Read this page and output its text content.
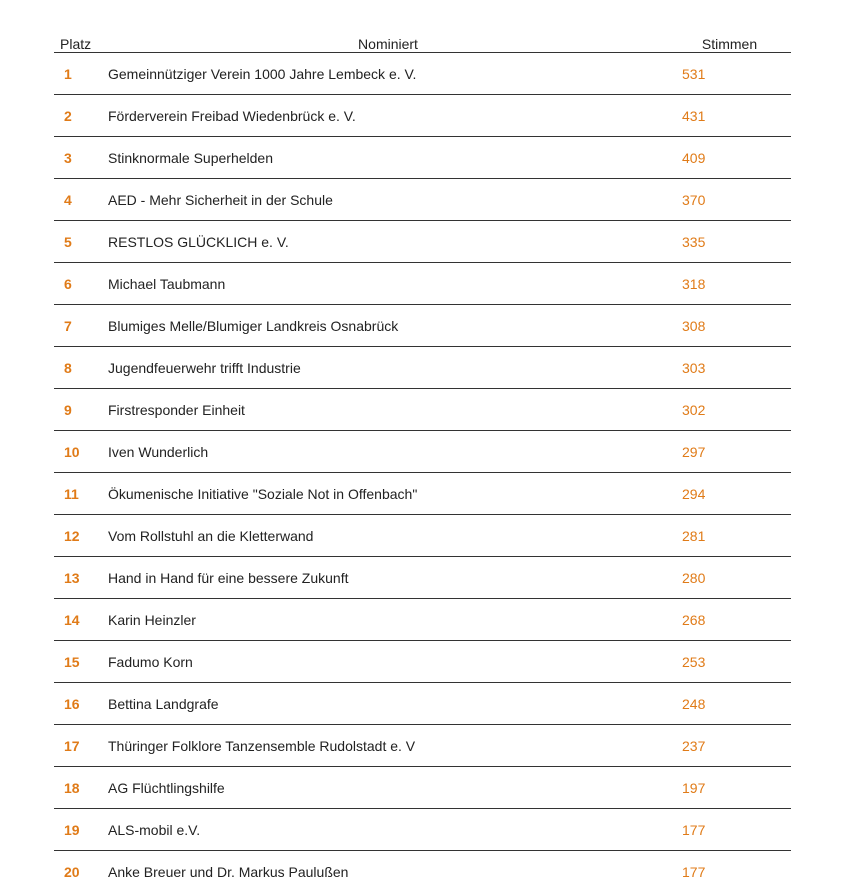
Platz	Nominiert	Stimmen
1	Gemeinnütziger Verein 1000 Jahre Lembeck e. V.	531
2	Förderverein Freibad Wiedenbrück e. V.	431
3	Stinknormale Superhelden	409
4	AED - Mehr Sicherheit in der Schule	370
5	RESTLOS GLÜCKLICH e. V.	335
6	Michael Taubmann	318
7	Blumiges Melle/Blumiger Landkreis Osnabrück	308
8	Jugendfeuerwehr trifft Industrie	303
9	Firstresponder Einheit	302
10	Iven Wunderlich	297
11	Ökumenische Initiative "Soziale Not in Offenbach"	294
12	Vom Rollstuhl an die Kletterwand	281
13	Hand in Hand für eine bessere Zukunft	280
14	Karin Heinzler	268
15	Fadumo Korn	253
16	Bettina Landgrafe	248
17	Thüringer Folklore Tanzensemble Rudolstadt e. V	237
18	AG Flüchtlingshilfe	197
19	ALS-mobil e.V.	177
20	Anke Breuer und Dr. Markus Paulußen	177
